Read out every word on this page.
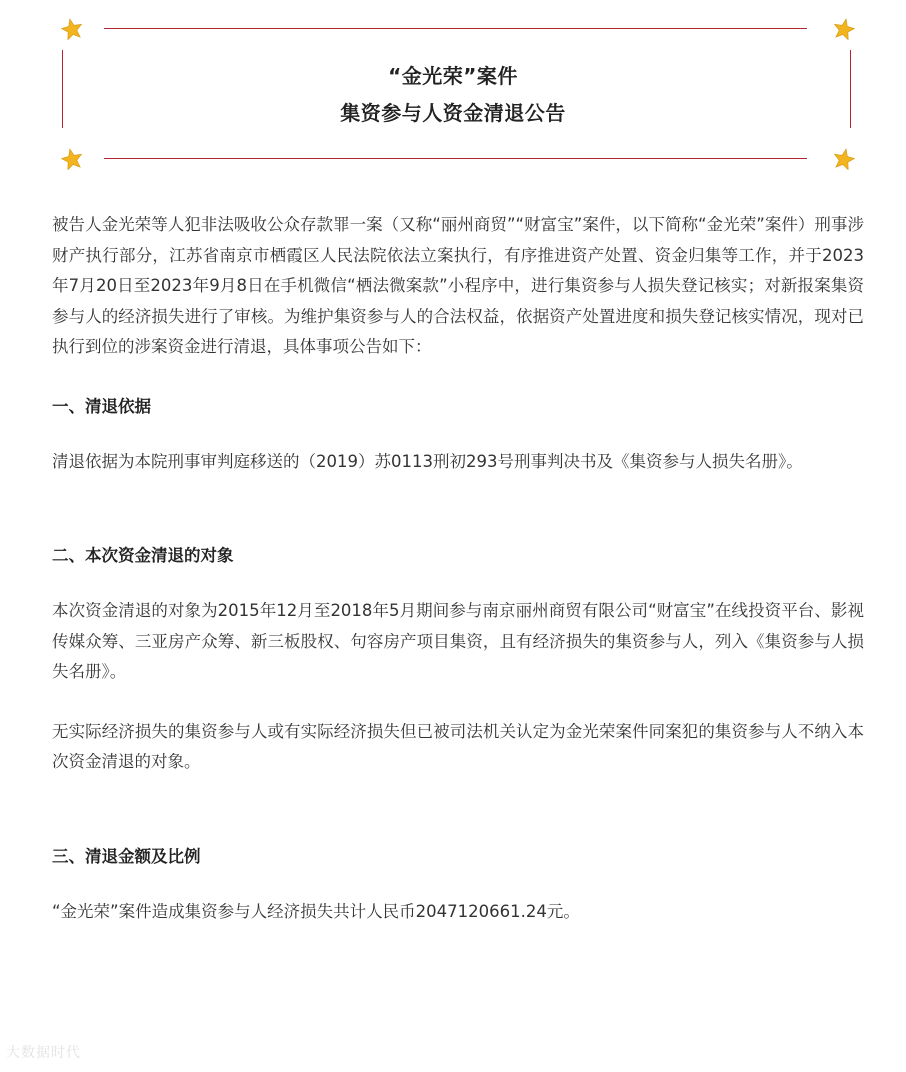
“金光荣”案件
集资参与人资金清退公告

被告人金光荣等人犯非法吸收公众存款罪一案（又称“丽州商贸”“财富宝”案件，以下简称“金光荣”案件）刑事涉财产执行部分，江苏省南京市栖霞区人民法院依法立案执行，有序推进资产处置、资金归集等工作，并于2023年7月20日至2023年9月8日在手机微信“栖法微案款”小程序中，进行集资参与人损失登记核实；对新报案集资参与人的经济损失进行了审核。为维护集资参与人的合法权益，依据资产处置进度和损失登记核实情况，现对已执行到位的涉案资金进行清退，具体事项公告如下：

一、清退依据

清退依据为本院刑事审判庭移送的（2019）苏0113刑初293号刑事判决书及《集资参与人损失名册》。

二、本次资金清退的对象

本次资金清退的对象为2015年12月至2018年5月期间参与南京丽州商贸有限公司“财富宝”在线投资平台、影视传媒众筹、三亚房产众筹、新三板股权、句容房产项目集资，且有经济损失的集资参与人，列入《集资参与人损失名册》。

无实际经济损失的集资参与人或有实际经济损失但已被司法机关认定为金光荣案件同案犯的集资参与人不纳入本次资金清退的对象。

三、清退金额及比例

“金光荣”案件造成集资参与人经济损失共计人民币2047120661.24元。

大数据时代
